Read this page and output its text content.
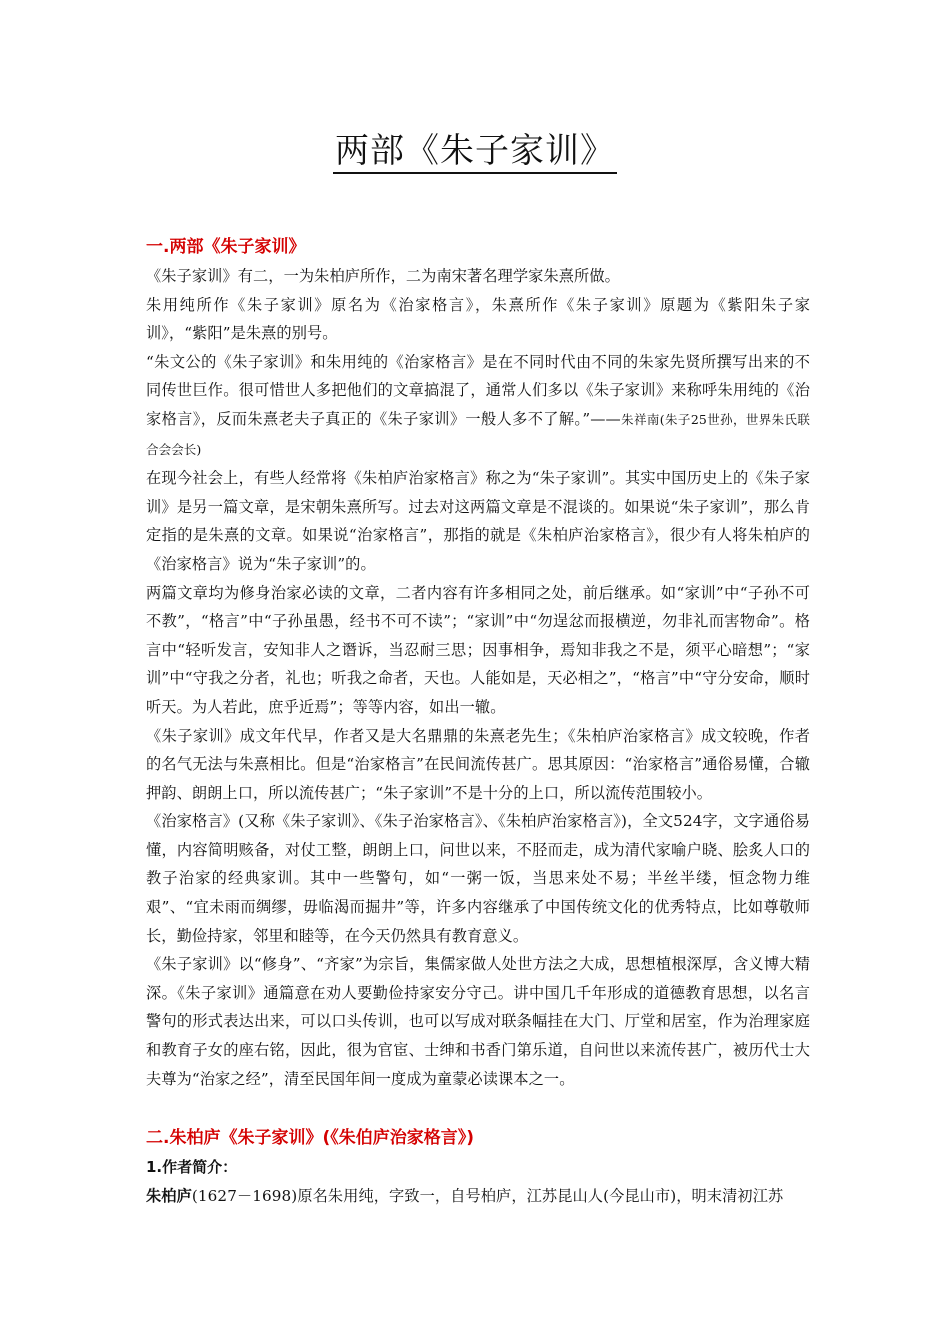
两部《朱子家训》

一.两部《朱子家训》

《朱子家训》有二，一为朱柏庐所作，二为南宋著名理学家朱熹所做。

朱用纯所作《朱子家训》原名为《治家格言》，朱熹所作《朱子家训》原题为《紫阳朱子家训》，“紫阳”是朱熹的别号。

“朱文公的《朱子家训》和朱用纯的《治家格言》是在不同时代由不同的朱家先贤所撰写出来的不同传世巨作。很可惜世人多把他们的文章搞混了，通常人们多以《朱子家训》来称呼朱用纯的《治家格言》，反而朱熹老夫子真正的《朱子家训》一般人多不了解。”——朱祥南(朱子25世孙，世界朱氏联合会会长)

在现今社会上，有些人经常将《朱柏庐治家格言》称之为“朱子家训”。其实中国历史上的《朱子家训》是另一篇文章，是宋朝朱熹所写。过去对这两篇文章是不混谈的。如果说“朱子家训”，那么肯定指的是朱熹的文章。如果说“治家格言”，那指的就是《朱柏庐治家格言》，很少有人将朱柏庐的《治家格言》说为“朱子家训”的。

两篇文章均为修身治家必读的文章，二者内容有许多相同之处，前后继承。如“家训”中“子孙不可不教”，“格言”中“子孙虽愚，经书不可不读”；“家训”中“勿逞忿而报横逆，勿非礼而害物命”。格言中“轻听发言，安知非人之谮诉，当忍耐三思；因事相争，焉知非我之不是，须平心暗想”；“家训”中“守我之分者，礼也；听我之命者，天也。人能如是，天必相之”，“格言”中“守分安命，顺时听天。为人若此，庶乎近焉”；等等内容，如出一辙。

《朱子家训》成文年代早，作者又是大名鼎鼎的朱熹老先生；《朱柏庐治家格言》成文较晚，作者的名气无法与朱熹相比。但是“治家格言”在民间流传甚广。思其原因：“治家格言”通俗易懂，合辙押韵、朗朗上口，所以流传甚广；“朱子家训”不是十分的上口，所以流传范围较小。

《治家格言》(又称《朱子家训》、《朱子治家格言》、《朱柏庐治家格言》)，全文524字，文字通俗易懂，内容简明赅备，对仗工整，朗朗上口，问世以来，不胫而走，成为清代家喻户晓、脍炙人口的教子治家的经典家训。其中一些警句，如“一粥一饭，当思来处不易；半丝半缕，恒念物力维艰”、“宜未雨而绸缪，毋临渴而掘井”等，许多内容继承了中国传统文化的优秀特点，比如尊敬师长，勤俭持家，邻里和睦等，在今天仍然具有教育意义。

《朱子家训》以“修身”、“齐家”为宗旨，集儒家做人处世方法之大成，思想植根深厚，含义博大精深。《朱子家训》通篇意在劝人要勤俭持家安分守己。讲中国几千年形成的道德教育思想，以名言警句的形式表达出来，可以口头传训，也可以写成对联条幅挂在大门、厅堂和居室，作为治理家庭和教育子女的座右铭，因此，很为官宦、士绅和书香门第乐道，自问世以来流传甚广，被历代士大夫尊为“治家之经”，清至民国年间一度成为童蒙必读课本之一。

二.朱柏庐《朱子家训》(《朱伯庐治家格言》)

1.作者简介：

朱柏庐(1627－1698)原名朱用纯，字致一，自号柏庐，江苏昆山人(今昆山市)，明末清初江苏
